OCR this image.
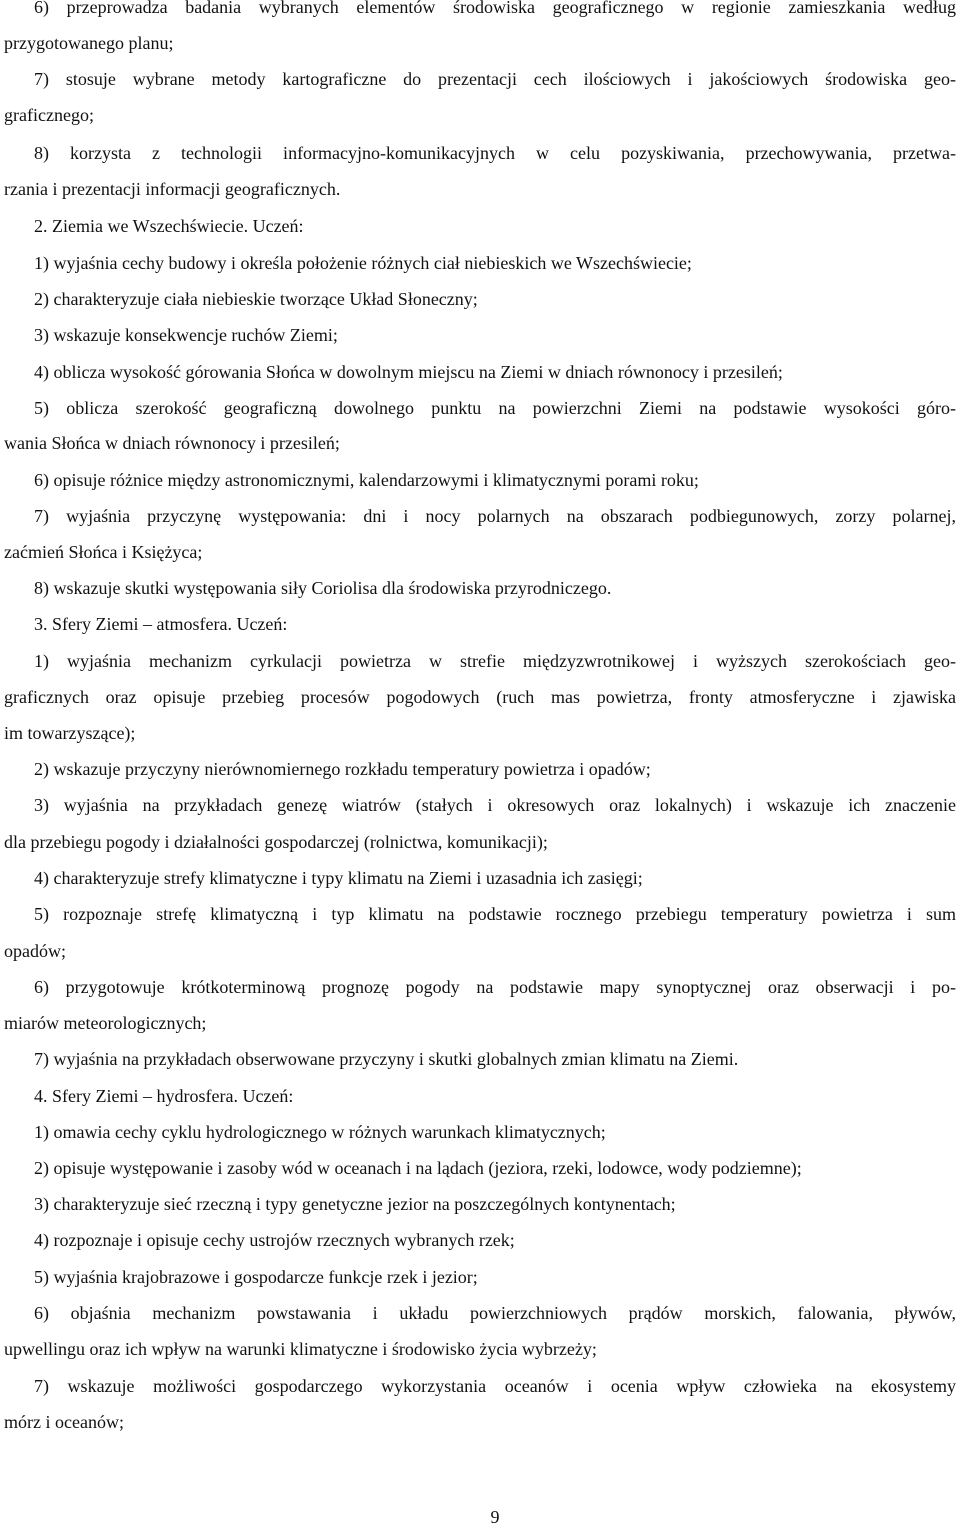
6) przeprowadza badania wybranych elementów środowiska geograficznego w regionie zamieszkania według
przygotowanego planu;
7) stosuje wybrane metody kartograficzne do prezentacji cech ilościowych i jakościowych środowiska geo-
graficznego;
8) korzysta z technologii informacyjno-komunikacyjnych w celu pozyskiwania, przechowywania, przetwa-
rzania i prezentacji informacji geograficznych.
2. Ziemia we Wszechświecie. Uczeń:
1) wyjaśnia cechy budowy i określa położenie różnych ciał niebieskich we Wszechświecie;
2) charakteryzuje ciała niebieskie tworzące Układ Słoneczny;
3) wskazuje konsekwencje ruchów Ziemi;
4) oblicza wysokość górowania Słońca w dowolnym miejscu na Ziemi w dniach równonocy i przesileń;
5) oblicza szerokość geograficzną dowolnego punktu na powierzchni Ziemi na podstawie wysokości góro-
wania Słońca w dniach równonocy i przesileń;
6) opisuje różnice między astronomicznymi, kalendarzowymi i klimatycznymi porami roku;
7) wyjaśnia przyczynę występowania: dni i nocy polarnych na obszarach podbiegunowych, zorzy polarnej,
zaćmień Słońca i Księżyca;
8) wskazuje skutki występowania siły Coriolisa dla środowiska przyrodniczego.
3. Sfery Ziemi – atmosfera. Uczeń:
1) wyjaśnia mechanizm cyrkulacji powietrza w strefie międzyzwrotnikowej i wyższych szerokościach geo-
graficznych oraz opisuje przebieg procesów pogodowych (ruch mas powietrza, fronty atmosferyczne i zjawiska
im towarzyszące);
2) wskazuje przyczyny nierównomiernego rozkładu temperatury powietrza i opadów;
3) wyjaśnia na przykładach genezę wiatrów (stałych i okresowych oraz lokalnych) i wskazuje ich znaczenie
dla przebiegu pogody i działalności gospodarczej (rolnictwa, komunikacji);
4) charakteryzuje strefy klimatyczne i typy klimatu na Ziemi i uzasadnia ich zasięgi;
5) rozpoznaje strefę klimatyczną i typ klimatu na podstawie rocznego przebiegu temperatury powietrza i sum
opadów;
6) przygotowuje krótkoterminową prognozę pogody na podstawie mapy synoptycznej oraz obserwacji i po-
miarów meteorologicznych;
7) wyjaśnia na przykładach obserwowane przyczyny i skutki globalnych zmian klimatu na Ziemi.
4. Sfery Ziemi – hydrosfera. Uczeń:
1) omawia cechy cyklu hydrologicznego w różnych warunkach klimatycznych;
2) opisuje występowanie i zasoby wód w oceanach i na lądach (jeziora, rzeki, lodowce, wody podziemne);
3) charakteryzuje sieć rzeczną i typy genetyczne jezior na poszczególnych kontynentach;
4) rozpoznaje i opisuje cechy ustrojów rzecznych wybranych rzek;
5) wyjaśnia krajobrazowe i gospodarcze funkcje rzek i jezior;
6) objaśnia mechanizm powstawania i układu powierzchniowych prądów morskich, falowania, pływów,
upwellingu oraz ich wpływ na warunki klimatyczne i środowisko życia wybrzeży;
7) wskazuje możliwości gospodarczego wykorzystania oceanów i ocenia wpływ człowieka na ekosystemy
mórz i oceanów;
9
